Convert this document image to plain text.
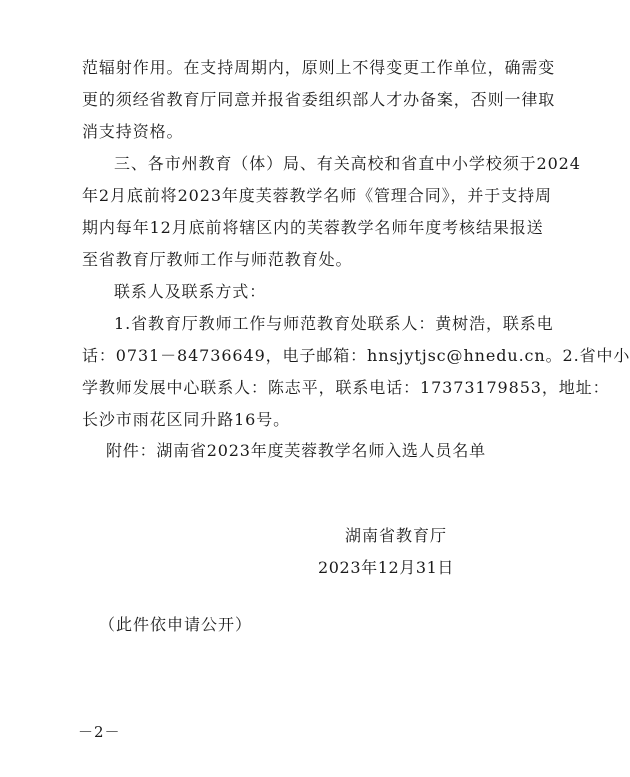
范辐射作用。在支持周期内，原则上不得变更工作单位，确需变
更的须经省教育厅同意并报省委组织部人才办备案，否则一律取
消支持资格。
三、各市州教育（体）局、有关高校和省直中小学校须于2024
年2月底前将2023年度芙蓉教学名师《管理合同》，并于支持周
期内每年12月底前将辖区内的芙蓉教学名师年度考核结果报送
至省教育厅教师工作与师范教育处。
联系人及联系方式：
1.省教育厅教师工作与师范教育处联系人：黄树浩，联系电
话：0731－84736649，电子邮箱：hnsjytjsc@hnedu.cn。2.省中小
学教师发展中心联系人：陈志平，联系电话：17373179853，地址：
长沙市雨花区同升路16号。
附件：湖南省2023年度芙蓉教学名师入选人员名单
湖南省教育厅
2023年12月31日
（此件依申请公开）
－2－
